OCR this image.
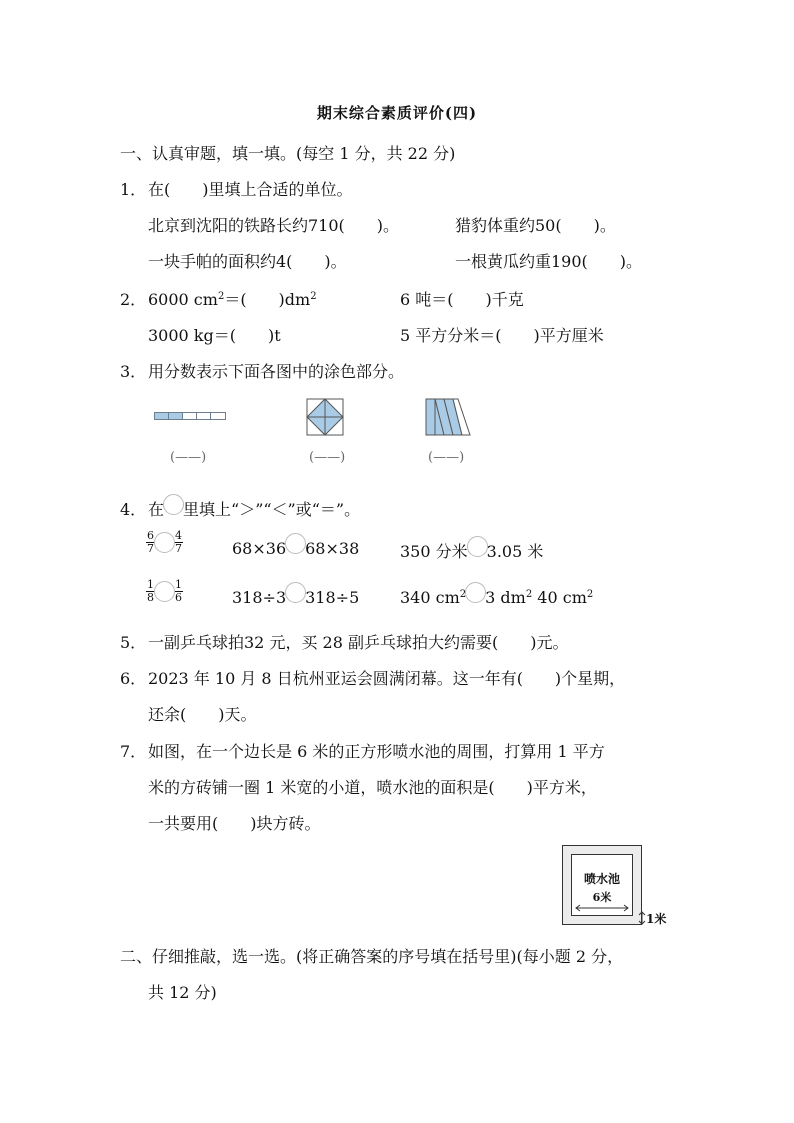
期末综合素质评价(四)
一、认真审题，填一填。(每空 1 分，共 22 分)
1． 在(　　)里填上合适的单位。
北京到沈阳的铁路长约710(　　)。	猎豹体重约50(　　)。
一块手帕的面积约4(　　)。	一根黄瓜约重190(　　)。
2． 6000 $cm^2=$(　　)$dm^2$	6 吨＝(　　)千克
3000 kg＝(　　)t	5 平方分米＝(　　)平方厘米
3． 用分数表示下面各图中的涂色部分。
(——)	(——)	(——)
4． 在 里填上“＞”“＜”或“＝”。
$\frac{6}{7} \frac{4}{7}$	68×36 68×38	350 分米 3.05 米
$\frac{1}{8} \frac{1}{6}$	318÷3 318÷5	340 $cm^2$ 3 $dm^2$ 40 $cm^2$
5． 一副乒乓球拍32 元，买 28 副乒乓球拍大约需要(　　)元。
6． 2023 年 10 月 8 日杭州亚运会圆满闭幕。这一年有(　　)个星期，
还余(　　)天。
7． 如图，在一个边长是 6 米的正方形喷水池的周围，打算用 1 平方
米的方砖铺一圈 1 米宽的小道，喷水池的面积是(　　)平方米，
一共要用(　　)块方砖。
喷水池
6米
1米
二、仔细推敲，选一选。(将正确答案的序号填在括号里)(每小题 2 分，
共 12 分)
